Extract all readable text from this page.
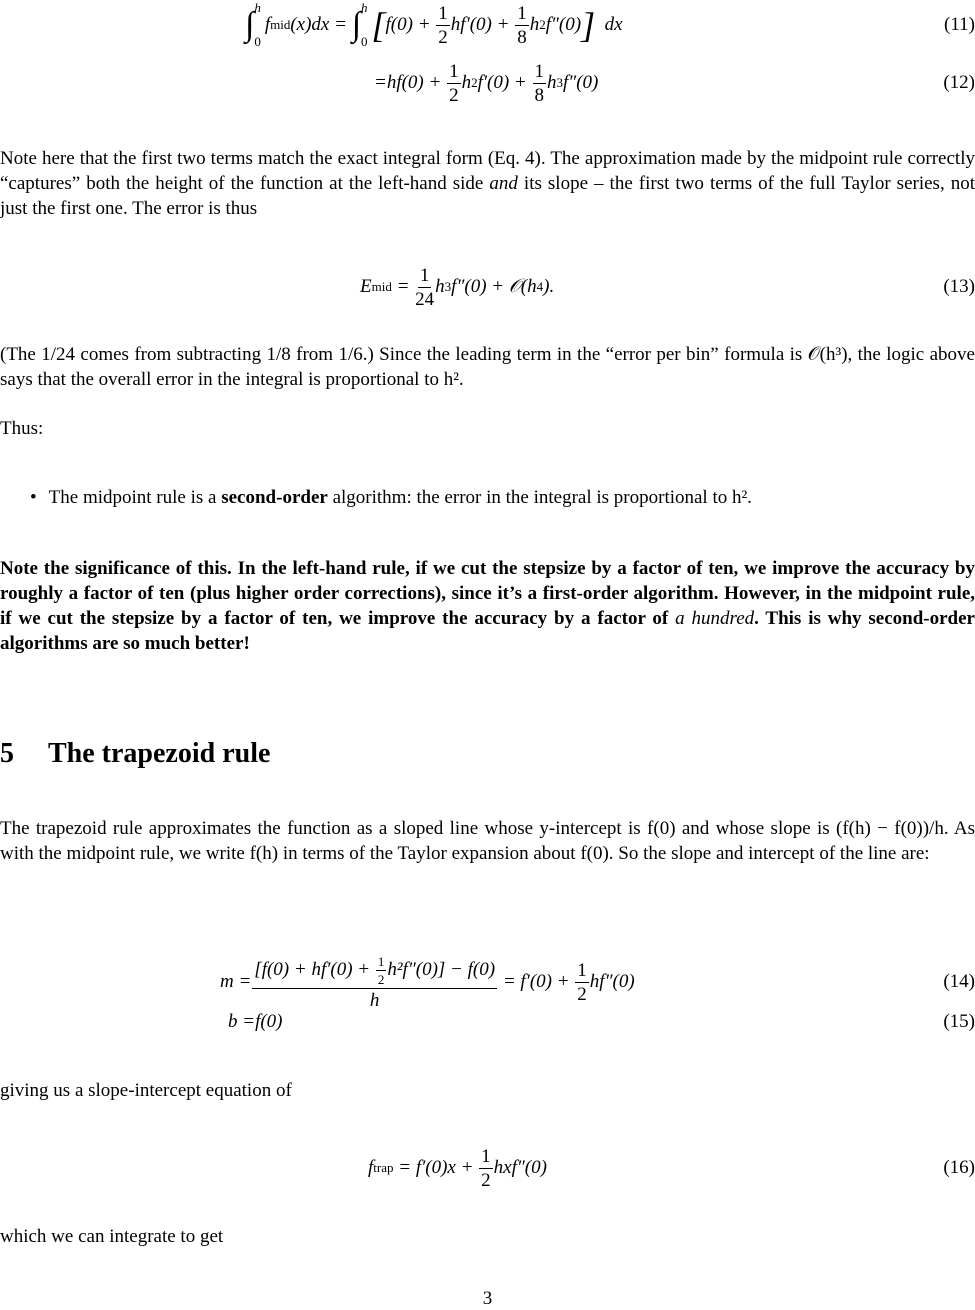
∫ h
0
f mid (x)dx =
∫ h
0 [ f(0) +
$\frac{1}{2} hf'(0)$ +
$\frac{1}{8}$ h 2 f″(0) ]
dx	(11)
=hf(0) +
$\frac{1}{2}$ h 2 f′(0) +
$\frac{1}{8}$ h 3 f″(0)	(12)

Note here that the first two terms match the exact integral form (Eq. 4). The approximation made by the midpoint rule correctly “captures” both the height of the function at the left-hand side and its slope – the first two terms of the full Taylor series, not just the first one. The error is thus

E mid = $\frac{1}{24}$ h 3 f″(0) + 𝒪(h 4 ).	(13)

(The 1/24 comes from subtracting 1/8 from 1/6.) Since the leading term in the “error per bin” formula is 𝒪(h³), the logic above says that the overall error in the integral is proportional to h².

Thus:

• The midpoint rule is a second-order algorithm: the error in the integral is proportional to h².

Note the significance of this. In the left-hand rule, if we cut the stepsize by a factor of ten, we improve the accuracy by roughly a factor of ten (plus higher order corrections), since it’s a first-order algorithm. However, in the midpoint rule, if we cut the stepsize by a factor of ten, we improve the accuracy by a factor of a hundred. This is why second-order algorithms are so much better!

5 The trapezoid rule

The trapezoid rule approximates the function as a sloped line whose y-intercept is f(0) and whose slope is (f(h) − f(0))/h. As with the midpoint rule, we write f(h) in terms of the Taylor expansion about f(0). So the slope and intercept of the line are:

$m = \frac{[f(0) + hf'(0) + \frac{1}{2} h^2f''(0)] - f(0)}{h} = f'(0) + \frac{1}{2} hf''(0)$	(14)
b = f(0)	(15)

giving us a slope-intercept equation of

f trap = $f'(0)x + \frac{1}{2} hxf''(0)$	(16)

which we can integrate to get

3
